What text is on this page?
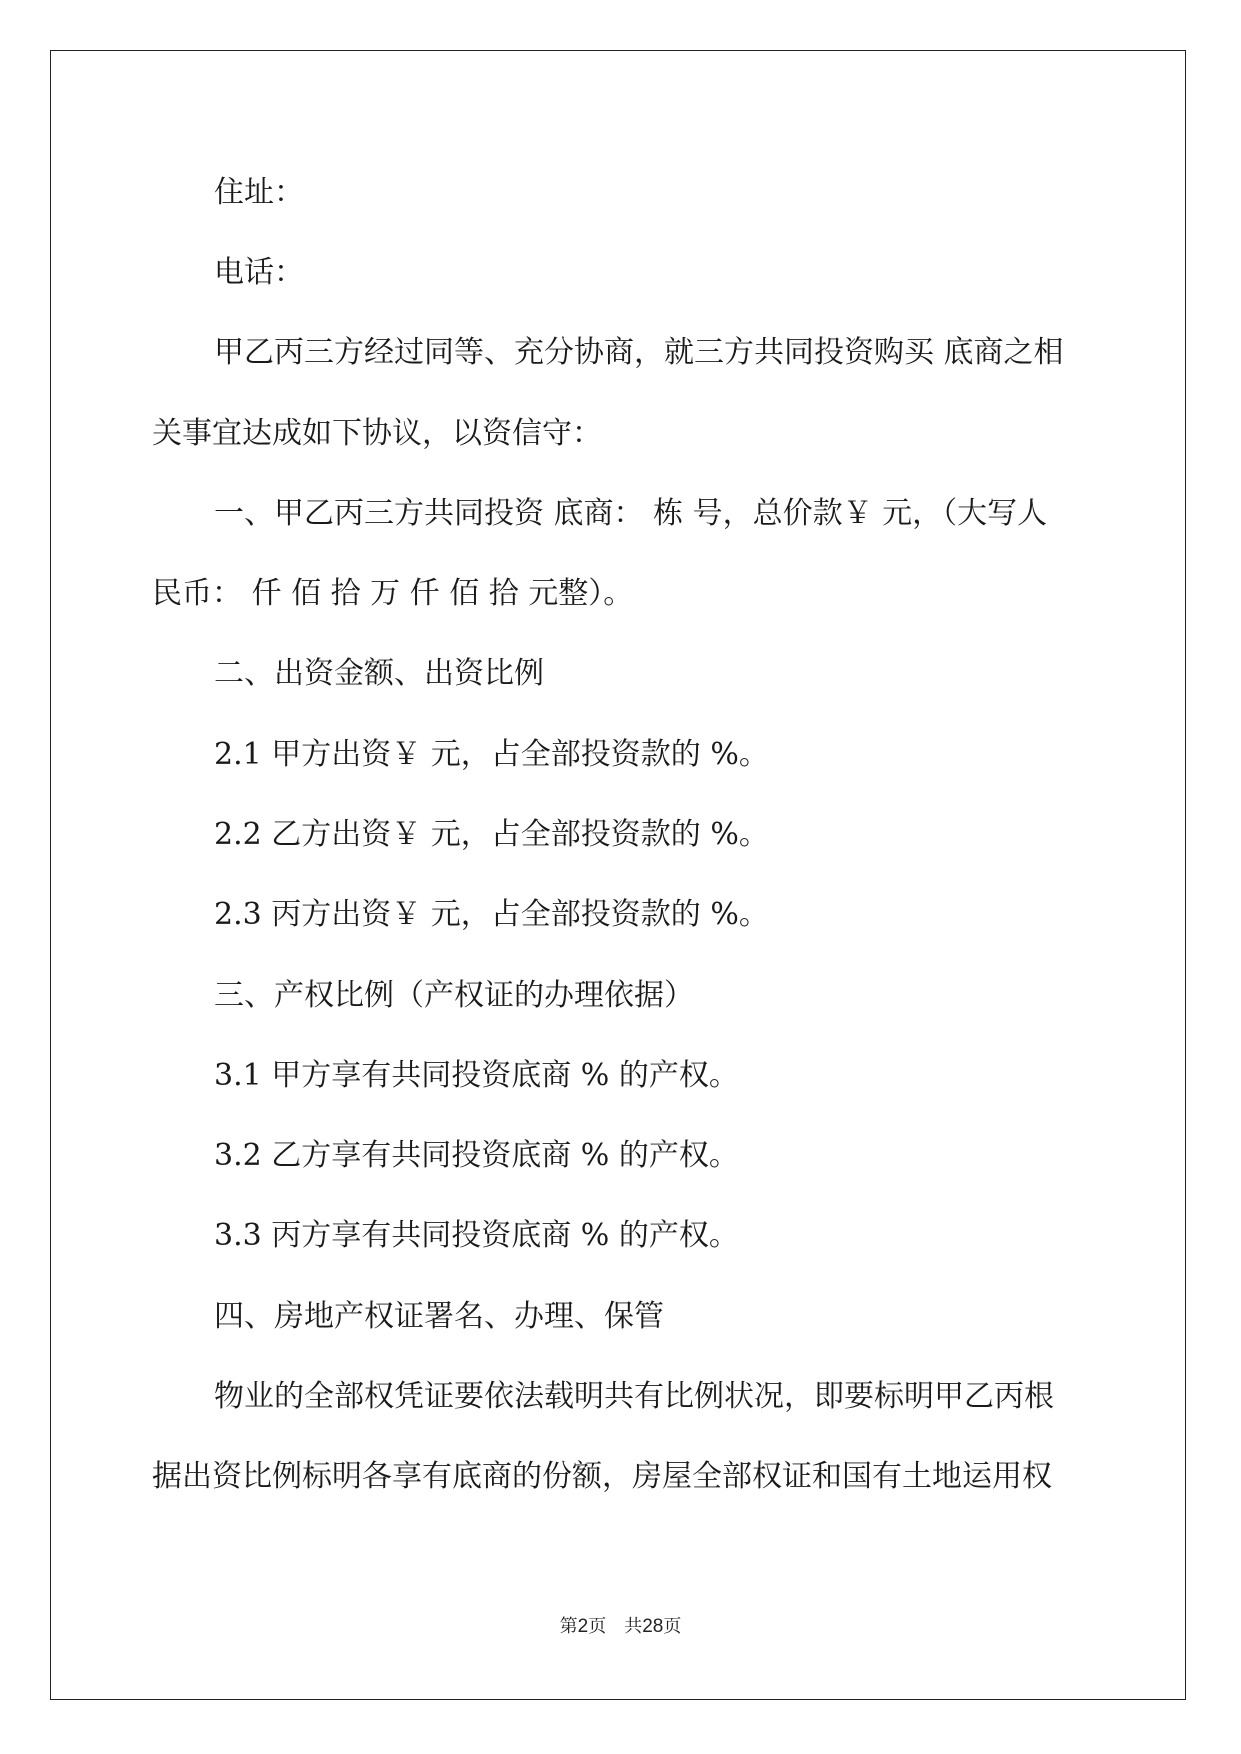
住址：
电话：
甲乙丙三方经过同等、充分协商，就三方共同投资购买 底商之相
关事宜达成如下协议，以资信守：
一、甲乙丙三方共同投资 底商： 栋 号，总价款￥ 元，（大写人
民币： 仟 佰 拾 万 仟 佰 拾 元整）。
二、出资金额、出资比例
2.1 甲方出资￥ 元，占全部投资款的 %。
2.2 乙方出资￥ 元，占全部投资款的 %。
2.3 丙方出资￥ 元，占全部投资款的 %。
三、产权比例（产权证的办理依据）
3.1 甲方享有共同投资底商 % 的产权。
3.2 乙方享有共同投资底商 % 的产权。
3.3 丙方享有共同投资底商 % 的产权。
四、房地产权证署名、办理、保管
物业的全部权凭证要依法载明共有比例状况，即要标明甲乙丙根
据出资比例标明各享有底商的份额，房屋全部权证和国有土地运用权
第2页　共28页
